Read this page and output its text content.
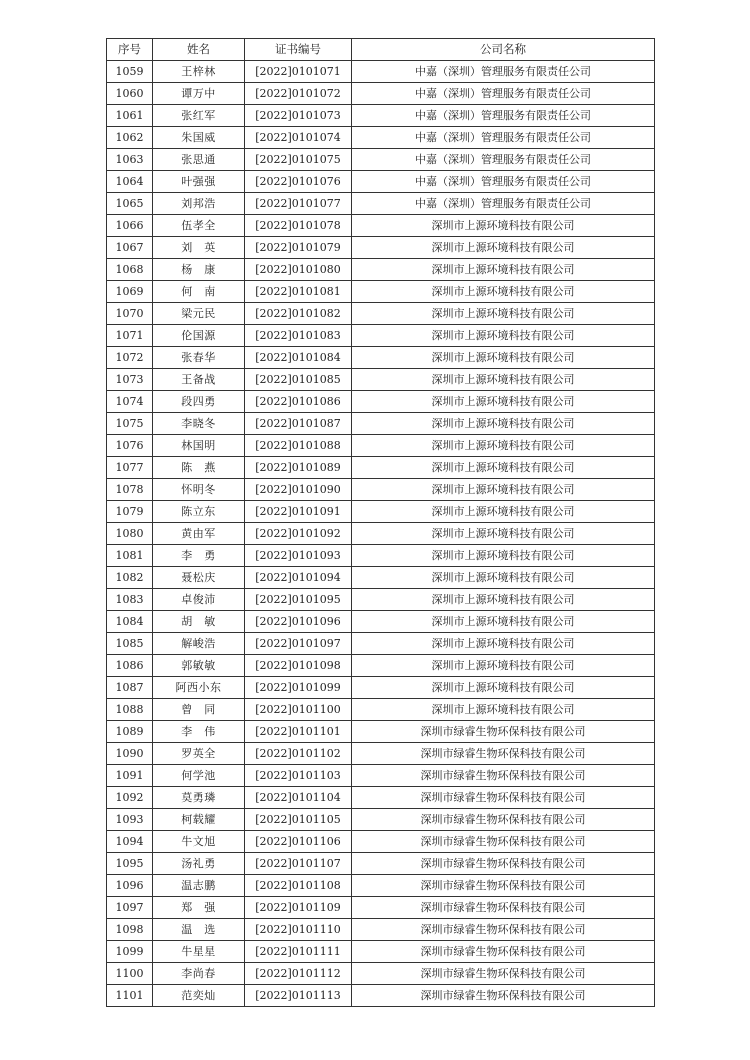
序号	姓名	证书编号	公司名称
1059	王梓林	[2022]0101071	中嘉（深圳）管理服务有限责任公司
1060	谭万中	[2022]0101072	中嘉（深圳）管理服务有限责任公司
1061	张红军	[2022]0101073	中嘉（深圳）管理服务有限责任公司
1062	朱国威	[2022]0101074	中嘉（深圳）管理服务有限责任公司
1063	张思通	[2022]0101075	中嘉（深圳）管理服务有限责任公司
1064	叶强强	[2022]0101076	中嘉（深圳）管理服务有限责任公司
1065	刘邦浩	[2022]0101077	中嘉（深圳）管理服务有限责任公司
1066	伍孝全	[2022]0101078	深圳市上源环境科技有限公司
1067	刘　英	[2022]0101079	深圳市上源环境科技有限公司
1068	杨　康	[2022]0101080	深圳市上源环境科技有限公司
1069	何　南	[2022]0101081	深圳市上源环境科技有限公司
1070	梁元民	[2022]0101082	深圳市上源环境科技有限公司
1071	伦国源	[2022]0101083	深圳市上源环境科技有限公司
1072	张春华	[2022]0101084	深圳市上源环境科技有限公司
1073	王备战	[2022]0101085	深圳市上源环境科技有限公司
1074	段四勇	[2022]0101086	深圳市上源环境科技有限公司
1075	李晓冬	[2022]0101087	深圳市上源环境科技有限公司
1076	林国明	[2022]0101088	深圳市上源环境科技有限公司
1077	陈　燕	[2022]0101089	深圳市上源环境科技有限公司
1078	怀明冬	[2022]0101090	深圳市上源环境科技有限公司
1079	陈立东	[2022]0101091	深圳市上源环境科技有限公司
1080	黄由军	[2022]0101092	深圳市上源环境科技有限公司
1081	李　勇	[2022]0101093	深圳市上源环境科技有限公司
1082	聂松庆	[2022]0101094	深圳市上源环境科技有限公司
1083	卓俊沛	[2022]0101095	深圳市上源环境科技有限公司
1084	胡　敏	[2022]0101096	深圳市上源环境科技有限公司
1085	解峻浩	[2022]0101097	深圳市上源环境科技有限公司
1086	郭敏敏	[2022]0101098	深圳市上源环境科技有限公司
1087	阿西小东	[2022]0101099	深圳市上源环境科技有限公司
1088	曾　同	[2022]0101100	深圳市上源环境科技有限公司
1089	李　伟	[2022]0101101	深圳市绿睿生物环保科技有限公司
1090	罗英全	[2022]0101102	深圳市绿睿生物环保科技有限公司
1091	何学池	[2022]0101103	深圳市绿睿生物环保科技有限公司
1092	莫勇璘	[2022]0101104	深圳市绿睿生物环保科技有限公司
1093	柯载耀	[2022]0101105	深圳市绿睿生物环保科技有限公司
1094	牛文旭	[2022]0101106	深圳市绿睿生物环保科技有限公司
1095	汤礼勇	[2022]0101107	深圳市绿睿生物环保科技有限公司
1096	温志鹏	[2022]0101108	深圳市绿睿生物环保科技有限公司
1097	郑　强	[2022]0101109	深圳市绿睿生物环保科技有限公司
1098	温　选	[2022]0101110	深圳市绿睿生物环保科技有限公司
1099	牛星星	[2022]0101111	深圳市绿睿生物环保科技有限公司
1100	李尚春	[2022]0101112	深圳市绿睿生物环保科技有限公司
1101	范奕灿	[2022]0101113	深圳市绿睿生物环保科技有限公司
